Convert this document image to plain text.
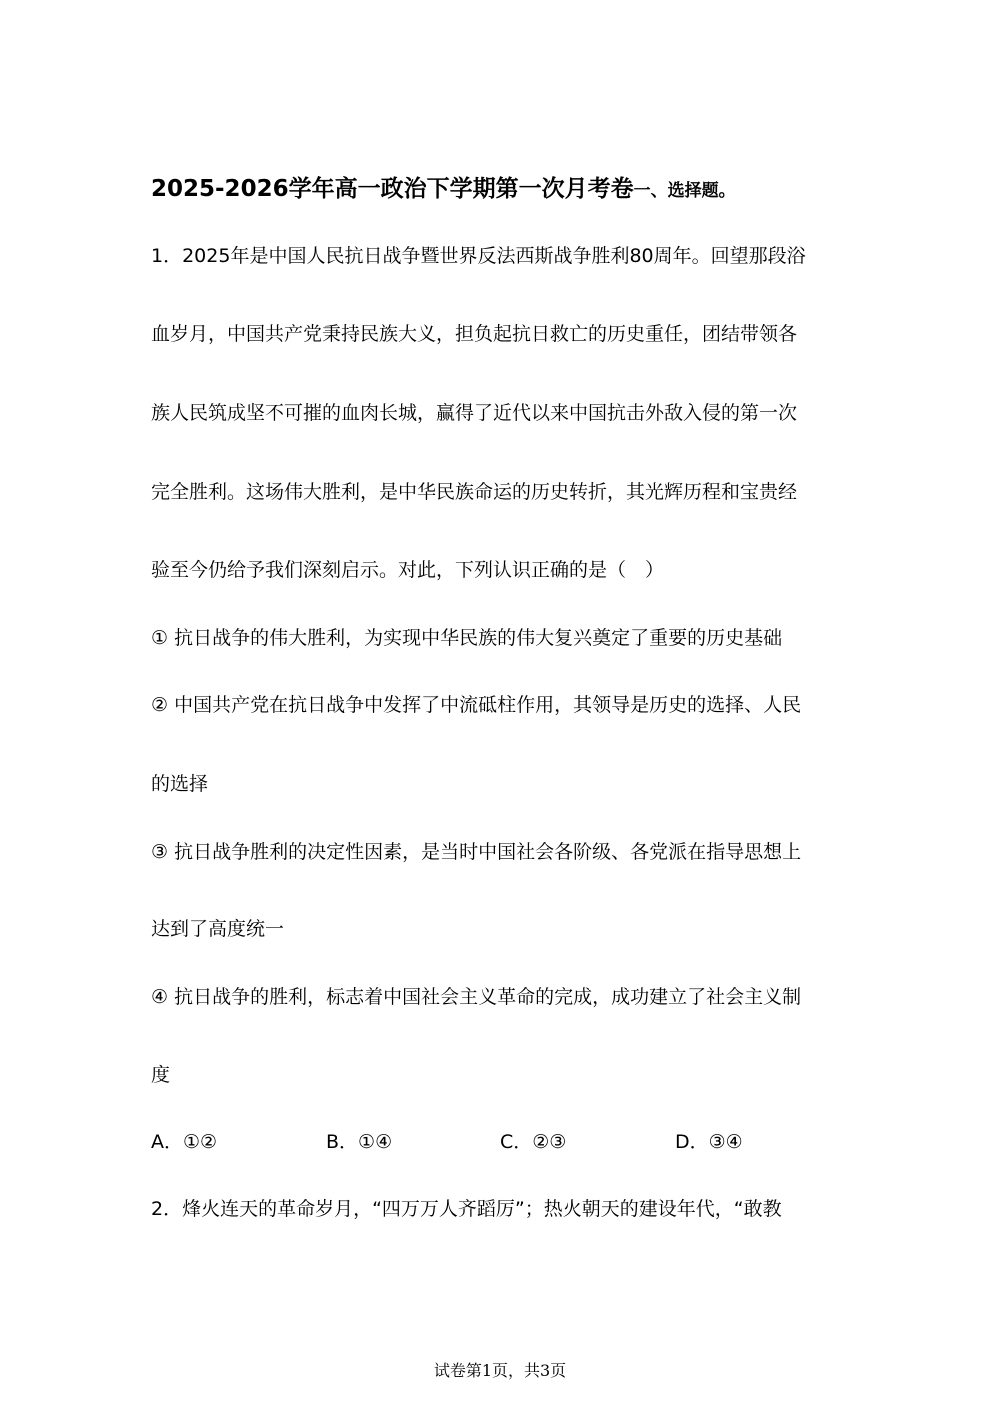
2025-2026学年高一政治下学期第一次月考卷一、选择题。
1．2025年是中国人民抗日战争暨世界反法西斯战争胜利80周年。回望那段浴
血岁月，中国共产党秉持民族大义，担负起抗日救亡的历史重任，团结带领各
族人民筑成坚不可摧的血肉长城，赢得了近代以来中国抗击外敌入侵的第一次
完全胜利。这场伟大胜利，是中华民族命运的历史转折，其光辉历程和宝贵经
验至今仍给予我们深刻启示。对此，下列认识正确的是（　）
① 抗日战争的伟大胜利，为实现中华民族的伟大复兴奠定了重要的历史基础
② 中国共产党在抗日战争中发挥了中流砥柱作用，其领导是历史的选择、人民
的选择
③ 抗日战争胜利的决定性因素，是当时中国社会各阶级、各党派在指导思想上
达到了高度统一
④ 抗日战争的胜利，标志着中国社会主义革命的完成，成功建立了社会主义制
度
A．①②	B．①④	C．②③	D．③④
2．烽火连天的革命岁月，“四万万人齐蹈厉”；热火朝天的建设年代，“敢教
试卷第1页，共3页
